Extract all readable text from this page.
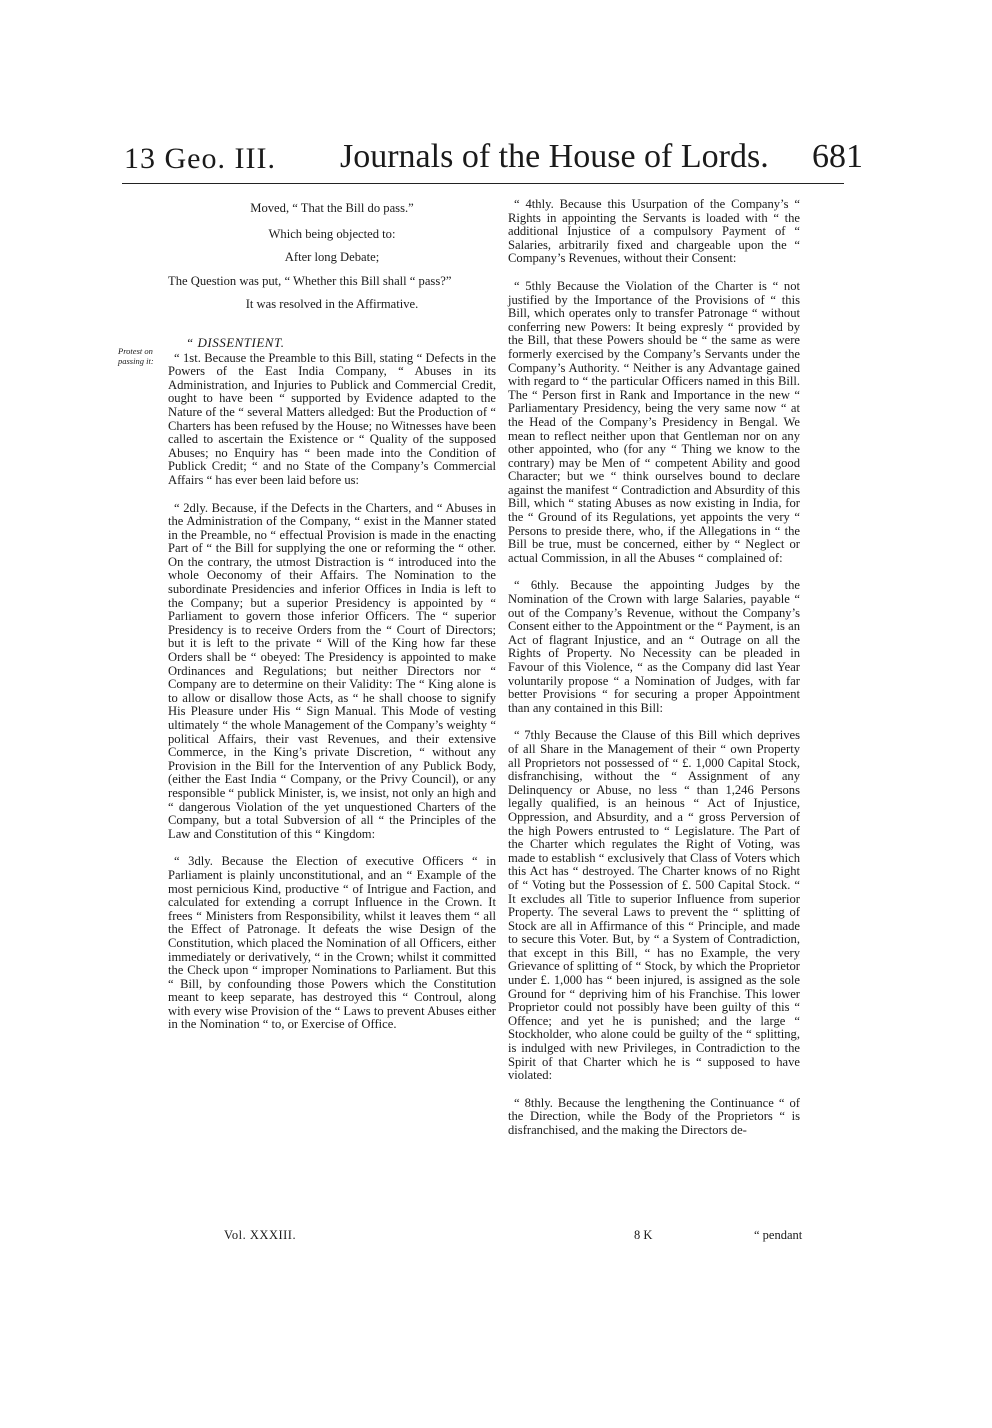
13 Geo. III. Journals of the House of Lords. 681
Protest on passing it:
Moved, “ That the Bill do pass.”
Which being objected to:
After long Debate;
The Question was put, “ Whether this Bill shall “ pass?”
It was resolved in the Affirmative.
“ DISSENTIENT.

“ 1st. Because the Preamble to this Bill, stating “ Defects in the Powers of the East India Company, “ Abuses in its Administration, and Injuries to Publick and Commercial Credit, ought to have been “ supported by Evidence adapted to the Nature of the “ several Matters alledged: But the Production of “ Charters has been refused by the House; no Witnesses have been called to ascertain the Existence or “ Quality of the supposed Abuses; no Enquiry has “ been made into the Condition of Publick Credit; “ and no State of the Company’s Commercial Affairs “ has ever been laid before us:

“ 2dly. Because, if the Defects in the Charters, and “ Abuses in the Administration of the Company, “ exist in the Manner stated in the Preamble, no “ effectual Provision is made in the enacting Part of “ the Bill for supplying the one or reforming the “ other. On the contrary, the utmost Distraction is “ introduced into the whole Oeconomy of their Affairs. The Nomination to the subordinate Presidencies and inferior Offices in India is left to the Company; but a superior Presidency is appointed by “ Parliament to govern those inferior Officers. The “ superior Presidency is to receive Orders from the “ Court of Directors; but it is left to the private “ Will of the King how far these Orders shall be “ obeyed: The Presidency is appointed to make Ordinances and Regulations; but neither Directors nor “ Company are to determine on their Validity: The “ King alone is to allow or disallow those Acts, as “ he shall choose to signify His Pleasure under His “ Sign Manual. This Mode of vesting ultimately “ the whole Management of the Company’s weighty “ political Affairs, their vast Revenues, and their extensive Commerce, in the King’s private Discretion, “ without any Provision in the Bill for the Intervention of any Publick Body, (either the East India “ Company, or the Privy Council), or any responsible “ publick Minister, is, we insist, not only an high and “ dangerous Violation of the yet unquestioned Charters of the Company, but a total Subversion of all “ the Principles of the Law and Constitution of this “ Kingdom:

“ 3dly. Because the Election of executive Officers “ in Parliament is plainly unconstitutional, and an “ Example of the most pernicious Kind, productive “ of Intrigue and Faction, and calculated for extending a corrupt Influence in the Crown. It frees “ Ministers from Responsibility, whilst it leaves them “ all the Effect of Patronage. It defeats the wise Design of the Constitution, which placed the Nomination of all Officers, either immediately or derivatively, “ in the Crown; whilst it committed the Check upon “ improper Nominations to Parliament. But this “ Bill, by confounding those Powers which the Constitution meant to keep separate, has destroyed this “ Controul, along with every wise Provision of the “ Laws to prevent Abuses either in the Nomination “ to, or Exercise of Office.

“ 4thly. Because this Usurpation of the Company’s “ Rights in appointing the Servants is loaded with “ the additional Injustice of a compulsory Payment of “ Salaries, arbitrarily fixed and chargeable upon the “ Company’s Revenues, without their Consent:

“ 5thly Because the Violation of the Charter is “ not justified by the Importance of the Provisions of “ this Bill, which operates only to transfer Patronage “ without conferring new Powers: It being expresly “ provided by the Bill, that these Powers should be “ the same as were formerly exercised by the Company’s Servants under the Company’s Authority. “ Neither is any Advantage gained with regard to “ the particular Officers named in this Bill. The “ Person first in Rank and Importance in the new “ Parliamentary Presidency, being the very same now “ at the Head of the Company’s Presidency in Bengal. We mean to reflect neither upon that Gentleman nor on any other appointed, who (for any “ Thing we know to the contrary) may be Men of “ competent Ability and good Character; but we “ think ourselves bound to declare against the manifest “ Contradiction and Absurdity of this Bill, which “ stating Abuses as now existing in India, for the “ Ground of its Regulations, yet appoints the very “ Persons to preside there, who, if the Allegations in “ the Bill be true, must be concerned, either by “ Neglect or actual Commission, in all the Abuses “ complained of:

“ 6thly. Because the appointing Judges by the Nomination of the Crown with large Salaries, payable “ out of the Company’s Revenue, without the Company’s Consent either to the Appointment or the “ Payment, is an Act of flagrant Injustice, and an “ Outrage on all the Rights of Property. No Necessity can be pleaded in Favour of this Violence, “ as the Company did last Year voluntarily propose “ a Nomination of Judges, with far better Provisions “ for securing a proper Appointment than any contained in this Bill:

“ 7thly Because the Clause of this Bill which deprives of all Share in the Management of their “ own Property all Proprietors not possessed of “ £. 1,000 Capital Stock, disfranchising, without the “ Assignment of any Delinquency or Abuse, no less “ than 1,246 Persons legally qualified, is an heinous “ Act of Injustice, Oppression, and Absurdity, and a “ gross Perversion of the high Powers entrusted to “ Legislature. The Part of the Charter which regulates the Right of Voting, was made to establish “ exclusively that Class of Voters which this Act has “ destroyed. The Charter knows of no Right of “ Voting but the Possession of £. 500 Capital Stock. “ It excludes all Title to superior Influence from superior Property. The several Laws to prevent the “ splitting of Stock are all in Affirmance of this “ Principle, and made to secure this Voter. But, by “ a System of Contradiction, that except in this Bill, “ has no Example, the very Grievance of splitting of “ Stock, by which the Proprietor under £. 1,000 has “ been injured, is assigned as the sole Ground for “ depriving him of his Franchise. This lower Proprietor could not possibly have been guilty of this “ Offence; and yet he is punished; and the large “ Stockholder, who alone could be guilty of the “ splitting, is indulged with new Privileges, in Contradiction to the Spirit of that Charter which he is “ supposed to have violated:

“ 8thly. Because the lengthening the Continuance “ of the Direction, while the Body of the Proprietors “ is disfranchised, and the making the Directors de-

Vol. XXXIII.	8 K	“ pendant
